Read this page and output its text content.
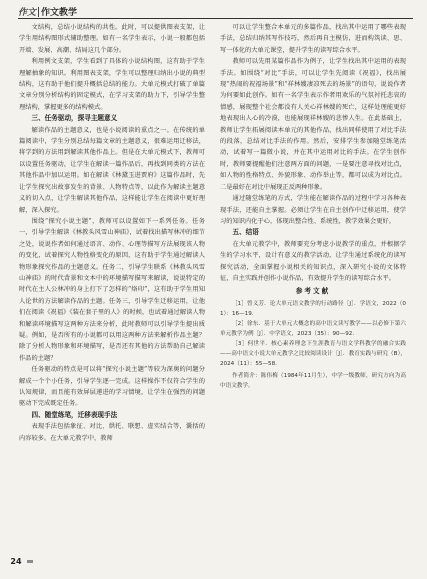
作文 作文教学

文结构，总结小说结构的共性。此时，可以提供图表支架，让学生用结构图形式辅助整理。如有一名学生表示，小说一般都包括开端、发展、高潮、结局这几个部分。

利用例文支架，学生看到了具体的小说结构图，这有助于学生理解抽象的知识。利用图表支架，学生可以整理归纳出小说的典型结构，这有助于他们提升概括总结的能力。大单元模式打破了单篇文章分别分析结构的固定模式，在学习支架的助力下，引导学生整理结构，掌握更多的结构模式。

三、任务驱动，探寻主题意义

解读作品的主题意义，也是小说阅读的重点之一。在传统的单篇阅读中，学生分别总结每篇文章的主题意义，很难运用迁移法，将学到的方法用到解读其他作品上。但是在大单元模式下，教师可以设置任务驱动，让学生在解读一篇作品后，再找到同类的方法在其他作品中加以运用。如在解读《林黛玉进贾府》这篇作品时，先让学生探究出故事发生的背景、人物特点等，以此作为解读主题意义的切入点，让学生解读其他作品，这样能让学生在阅读中更好理解，深入探究。

围绕“探究小说主题”，教师可以设置如下一系列任务。任务一，引导学生解读《林教头风雪山神庙》，试着找出描写林冲的细节之处，说说作者如何通过语言、动作、心理等描写方法展现该人物的变化，试着探究人物性格变化的原因，这有助于学生通过解读人物形象探究作品的主题意义。任务二，引导学生联系《林教头风雪山神庙》的时代背景和文本中的环境描写描写来解读，说说特定的时代在主人公林冲的身上打下了怎样的“烙印”，这有助于学生用知人论世的方法解读作品的主题。任务三，引导学生迁移运用，让他们在阅读《祝福》《装在套子里的人》的时候，也试着通过解读人物和解读环境描写这两种方法来分析，此时教师可以引导学生提出质疑。例如，是否所有的小说都可以用这两种方法来解析作品主题？除了分析人物形象和环境描写，是否还有其他的方法帮助自己解读作品的主题？

任务驱动的特点是可以将“探究小说主题”等较为深奥的问题分解成一个个小任务，引导学生逐一完成。这样操作不仅符合学生的认知规律，而且能有效屏层递进的学习情境，让学生在强烈的问题驱动下完成既定任务。

四、随堂练笔，迁移表现手法

表现手法包括象征、对比、烘托、联想、虚实结合等，囊括的内容较多。在大单元教学中，教师

可以让学生整合本单元的多篇作品，找出其中运用了哪些表现手法，总结归纳其写作技巧，然后再自主模仿，进而构筑读、思、写一体化的大单元课堂，提升学生的读写综合水平。

教师可以先用某篇作品作为例子，让学生找出其中运用的表现手法。如围绕“对比”手法，可以让学生先阅读《祝福》，找出展现“热闹的祝福场景”和“祥林嫂凄凉死去的场景”的语句，说说作者为何要如此创作。如有一名学生表示作者用欢乐的气氛衬托悲哀的情感，展现整个社会都没有人关心祥林嫂的死亡，这样处理能更好地表现出人心的冷漠，也能展现祥林嫂的悲惨人生。在此基础上，教师让学生拓展阅读本单元的其他作品，找出同样使用了对比手法的段落，总结对比手法的作用。然后，安排学生参加随堂练笔活动，试着写一篇微小说，并在其中运用对比的手法。在学生创作时，教师要提醒他们注意两方面的问题，一是要注意寻找对比点，如人物的性格特点、外貌形象、动作举止等，都可以成为对比点。二是最好在对比中展现正反两种形象。

通过随堂练笔的方式，学生能在解读作品的过程中学习各种表现手法，还能自主掌握。必须让学生在自主创作中迁移运用，使学习的知识内化于心，体现出整合性、系统性，教学效果会更好。

五、结语

在大单元教学中，教师要充分考虑小说教学的重点，并根据学生的学习水平，设计有意义的教学活动，让学生通过系统化的读写探究活动，全面掌握小说相关的知识点，深入研究小说的文体特征，自主实践并创作小说作品，有效提升学生的读写综合水平。

参考文献

［1］曾义芳．论大单元语文教学的行动路径［J］．学语文，2022（01）：16—19．

［2］徐东．基于大单元大概念的高中语文读写教学——以必修下第六单元教学为例［J］．中学语文，2023（35）：90—92．

［3］何世平．核心素养理念下生涯教育与语文学科教学的融合实践——高中语文小说大单元教学之比较阅读设计［J］．教育实践与研究（B），2024（11）：55—58．

作者简介：陈伟梅（1984年11月生），中学一级教师，研究方向为高中语文教学。

24
